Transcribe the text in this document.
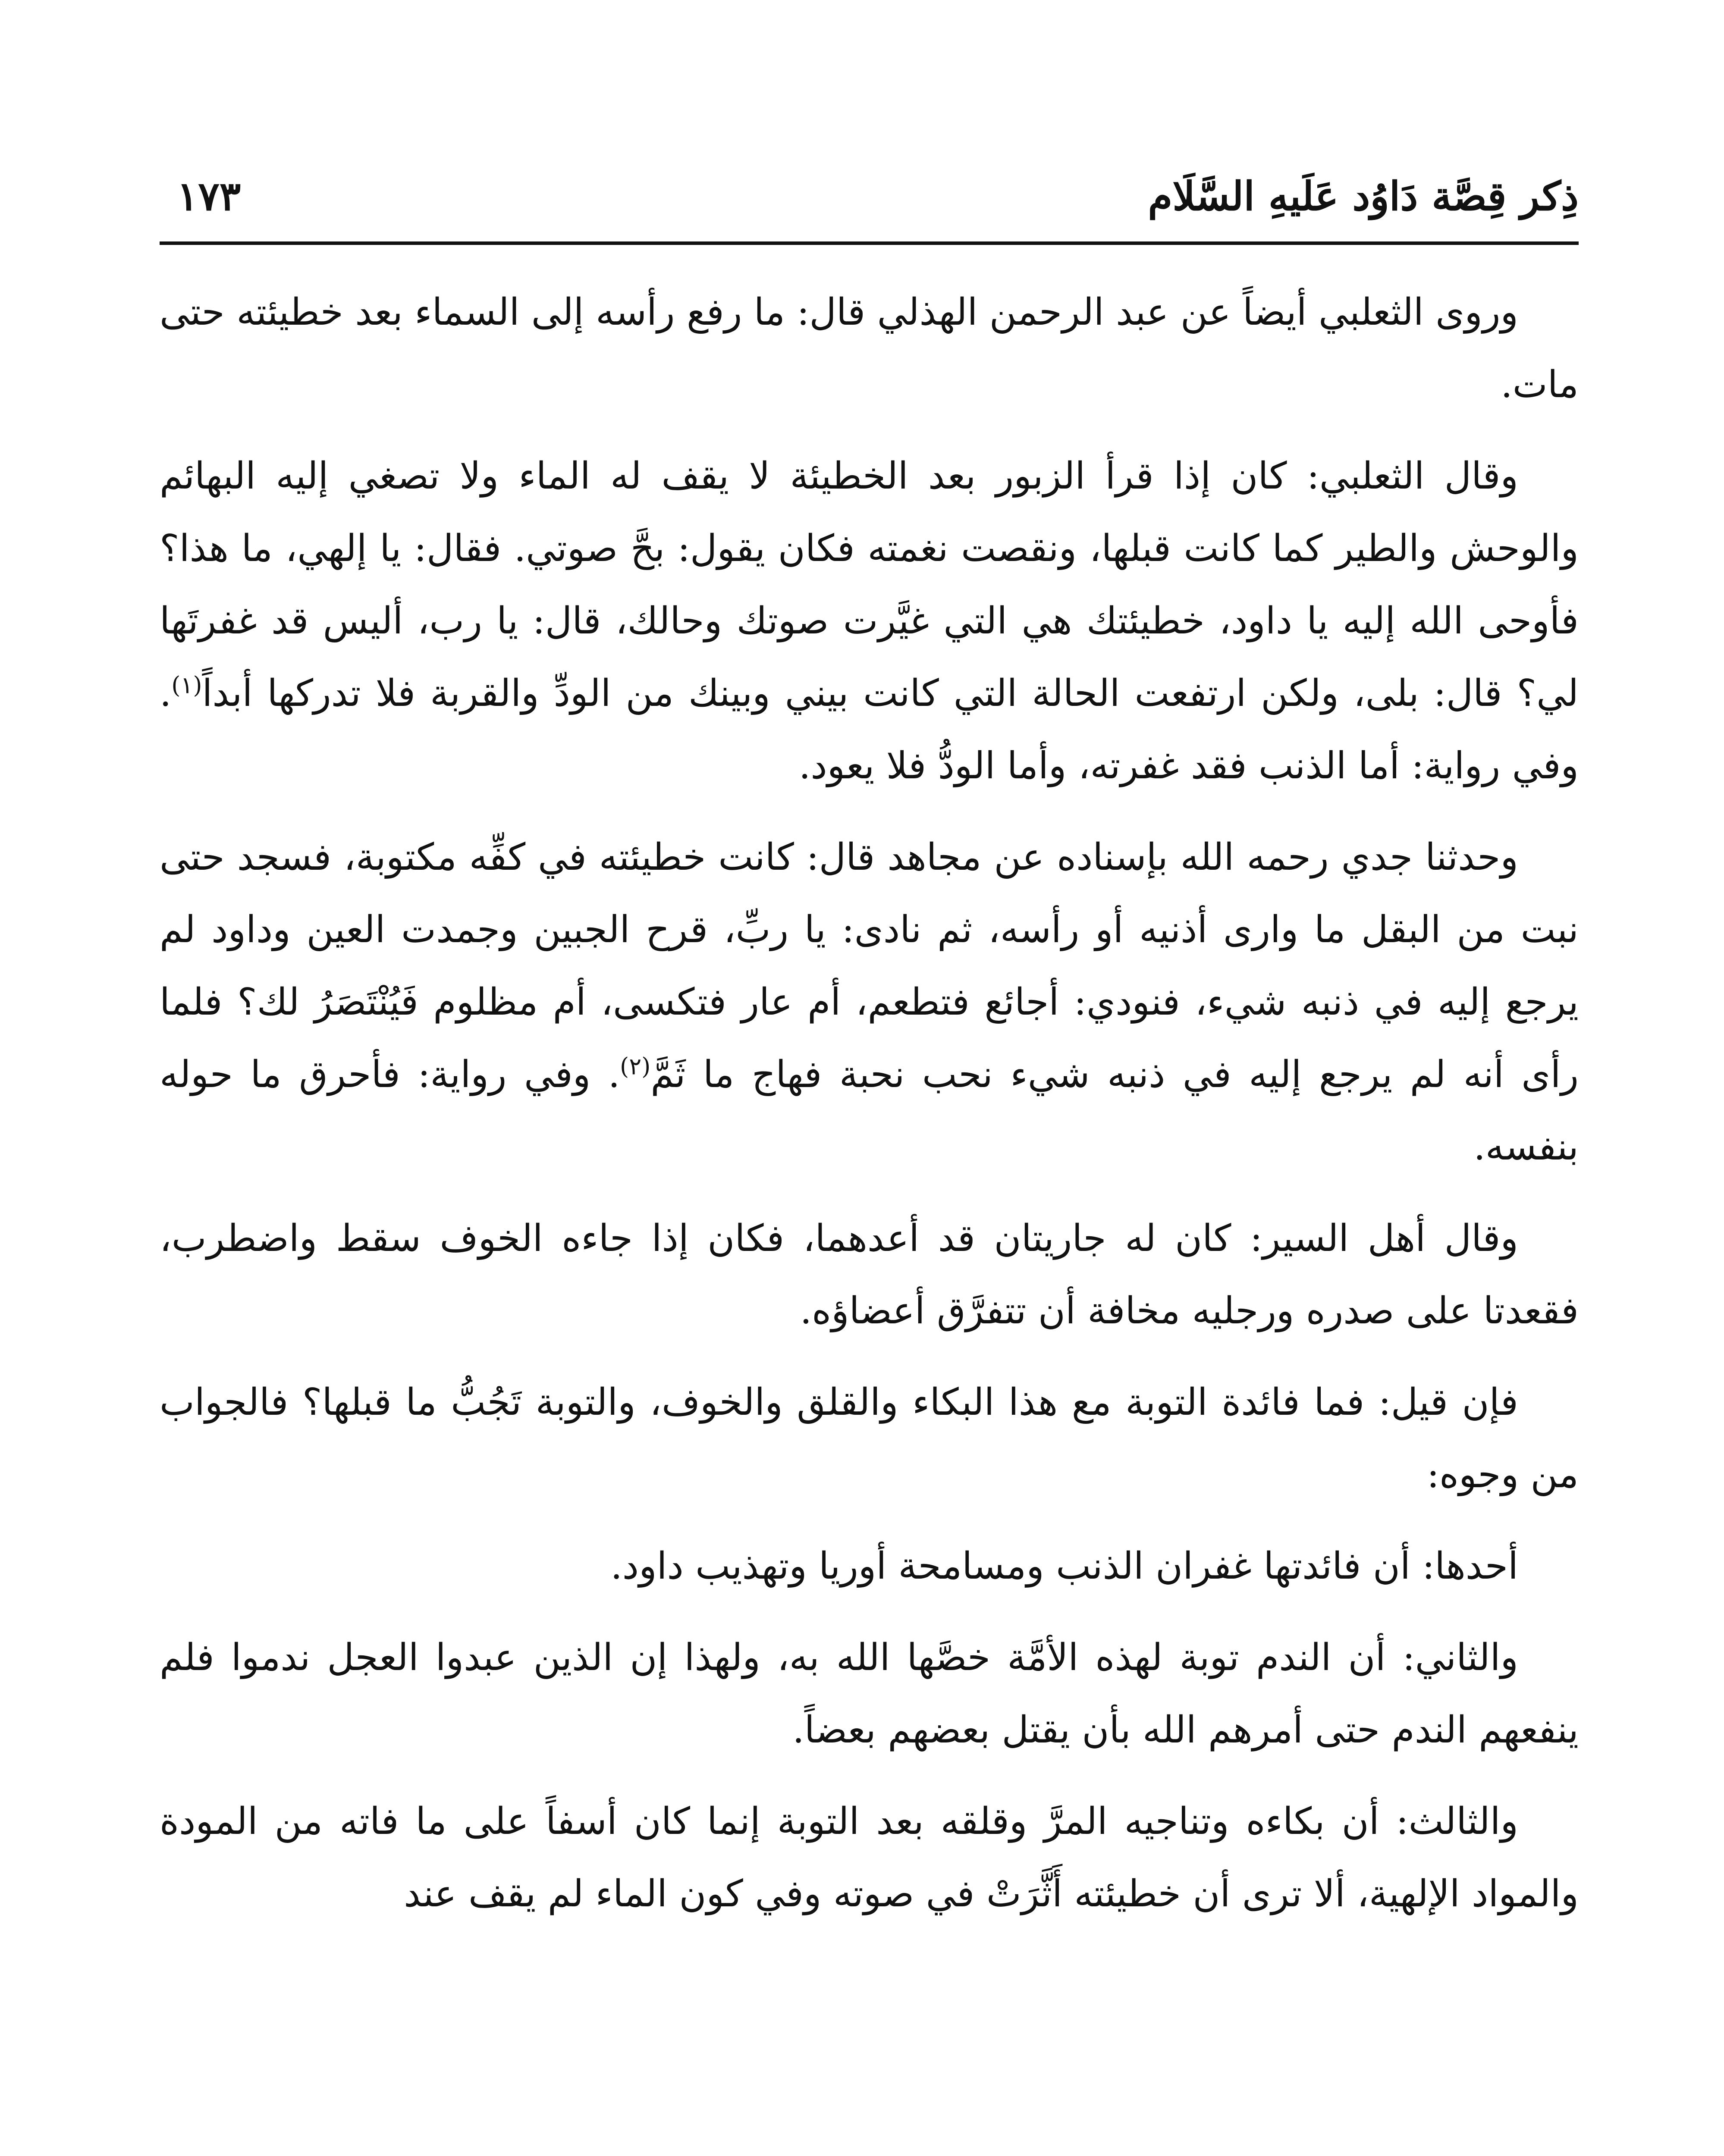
ذِكر قِصَّة دَاوُد عَلَيهِ السَّلَام
١٧٣

وروى الثعلبي أيضاً عن عبد الرحمن الهذلي قال: ما رفع رأسه إلى السماء بعد خطيئته حتى مات.

وقال الثعلبي: كان إذا قرأ الزبور بعد الخطيئة لا يقف له الماء ولا تصغي إليه البهائم والوحش والطير كما كانت قبلها، ونقصت نغمته فكان يقول: بحَّ صوتي. فقال: يا إلهي، ما هذا؟ فأوحى الله إليه يا داود، خطيئتك هي التي غيَّرت صوتك وحالك، قال: يا رب، أليس قد غفرتَها لي؟ قال: بلى، ولكن ارتفعت الحالة التي كانت بيني وبينك من الودِّ والقربة فلا تدركها أبداً$^{(١)}$. وفي رواية: أما الذنب فقد غفرته، وأما الودُّ فلا يعود.

وحدثنا جدي رحمه الله بإسناده عن مجاهد قال: كانت خطيئته في كفِّه مكتوبة، فسجد حتى نبت من البقل ما وارى أذنيه أو رأسه، ثم نادى: يا ربِّ، قرح الجبين وجمدت العين وداود لم يرجع إليه في ذنبه شيء، فنودي: أجائع فتطعم، أم عار فتكسى، أم مظلوم فَيُنْتَصَرُ لك؟ فلما رأى أنه لم يرجع إليه في ذنبه شيء نحب نحبة فهاج ما ثَمَّ$^{(٢)}$. وفي رواية: فأحرق ما حوله بنفسه.

وقال أهل السير: كان له جاريتان قد أعدهما، فكان إذا جاءه الخوف سقط واضطرب، فقعدتا على صدره ورجليه مخافة أن تتفرَّق أعضاؤه.

فإن قيل: فما فائدة التوبة مع هذا البكاء والقلق والخوف، والتوبة تَجُبُّ ما قبلها؟ فالجواب من وجوه:

أحدها: أن فائدتها غفران الذنب ومسامحة أوريا وتهذيب داود.

والثاني: أن الندم توبة لهذه الأمَّة خصَّها الله به، ولهذا إن الذين عبدوا العجل ندموا فلم ينفعهم الندم حتى أمرهم الله بأن يقتل بعضهم بعضاً.

والثالث: أن بكاءه وتناجيه المرَّ وقلقه بعد التوبة إنما كان أسفاً على ما فاته من المودة والمواد الإلهية، ألا ترى أن خطيئته أَثَّرَتْ في صوته وفي كون الماء لم يقف عند
